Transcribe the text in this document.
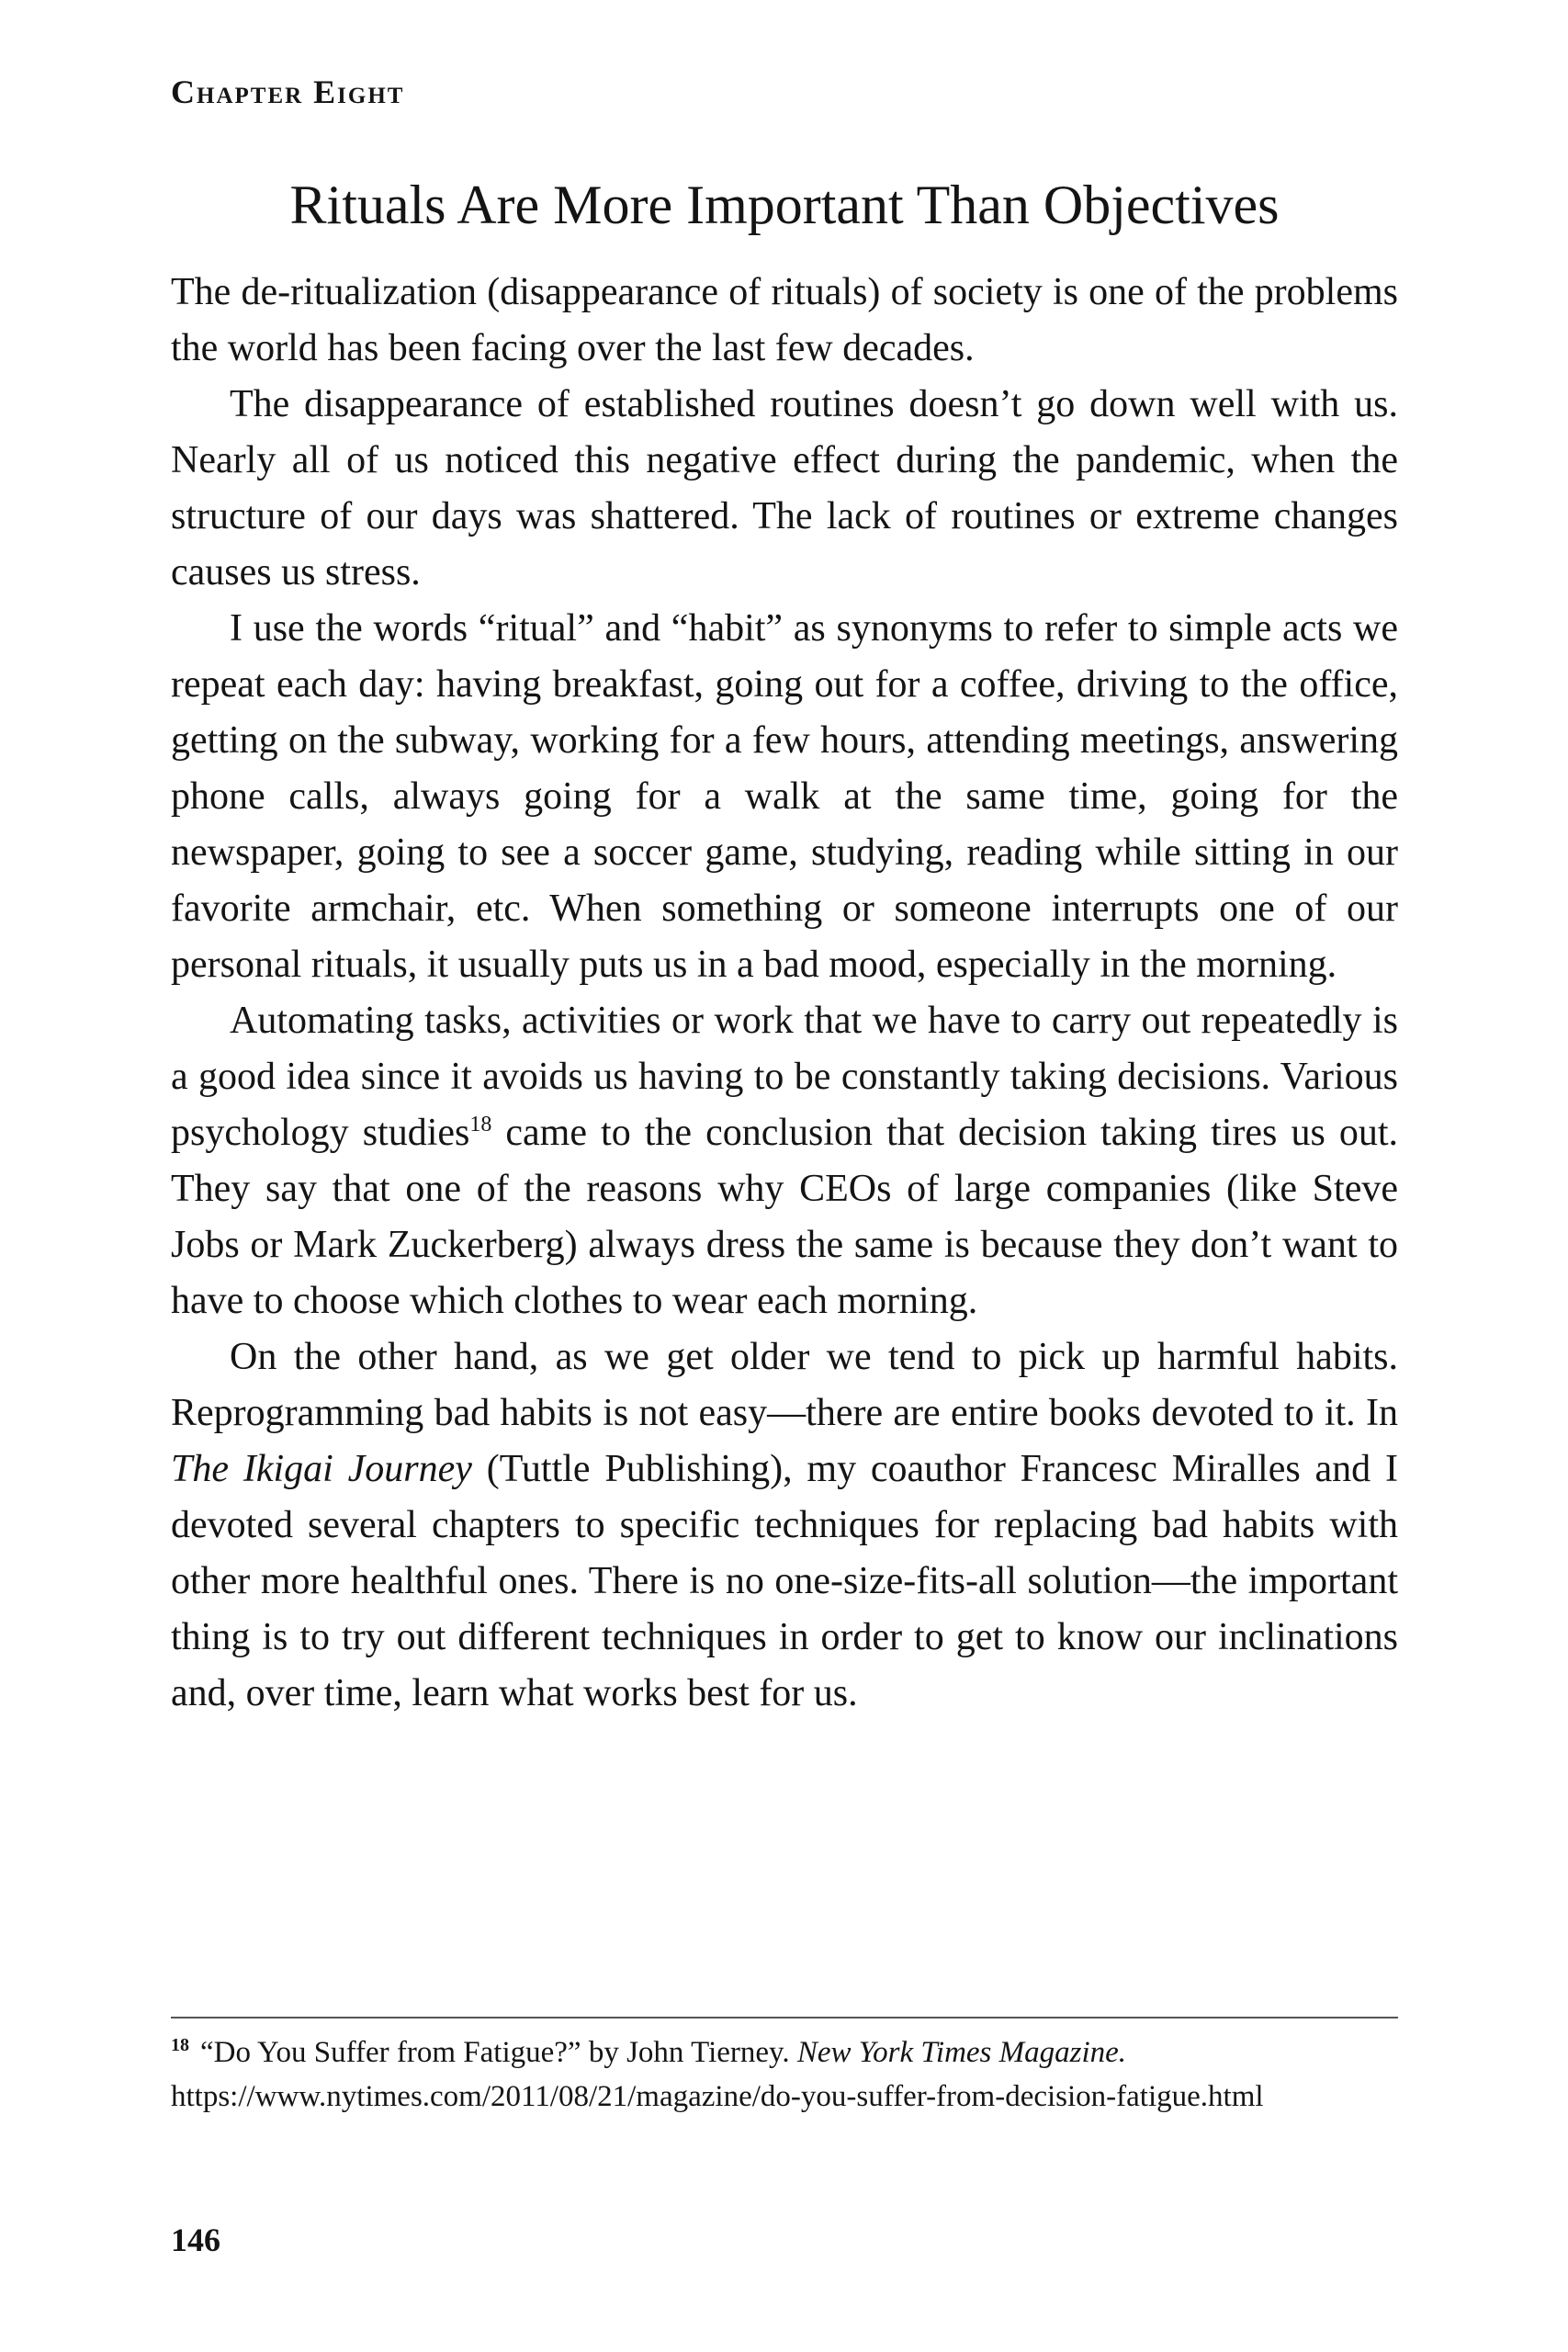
Chapter Eight
Rituals Are More Important Than Objectives

The de-ritualization (disappearance of rituals) of society is one of the problems the world has been facing over the last few decades.

The disappearance of established routines doesn’t go down well with us. Nearly all of us noticed this negative effect during the pandemic, when the structure of our days was shattered. The lack of routines or extreme changes causes us stress.

I use the words “ritual” and “habit” as synonyms to refer to simple acts we repeat each day: having breakfast, going out for a coffee, driving to the office, getting on the subway, working for a few hours, attending meetings, answering phone calls, always going for a walk at the same time, going for the newspaper, going to see a soccer game, studying, reading while sitting in our favorite armchair, etc. When something or someone interrupts one of our personal rituals, it usually puts us in a bad mood, especially in the morning.

Automating tasks, activities or work that we have to carry out repeatedly is a good idea since it avoids us having to be constantly taking decisions. Various psychology studies$^{18}$ came to the conclusion that decision taking tires us out. They say that one of the reasons why CEOs of large companies (like Steve Jobs or Mark Zuckerberg) always dress the same is because they don’t want to have to choose which clothes to wear each morning.

On the other hand, as we get older we tend to pick up harmful habits. Reprogramming bad habits is not easy—there are entire books devoted to it. In The Ikigai Journey (Tuttle Publishing), my coauthor Francesc Miralles and I devoted several chapters to specific techniques for replacing bad habits with other more healthful ones. There is no one-size-fits-all solution—the important thing is to try out different techniques in order to get to know our inclinations and, over time, learn what works best for us.

$^{18}$ “Do You Suffer from Fatigue?” by John Tierney. New York Times Magazine.
https://www.nytimes.com/2011/08/21/magazine/do-you-suffer-from-decision-fatigue.html
146
